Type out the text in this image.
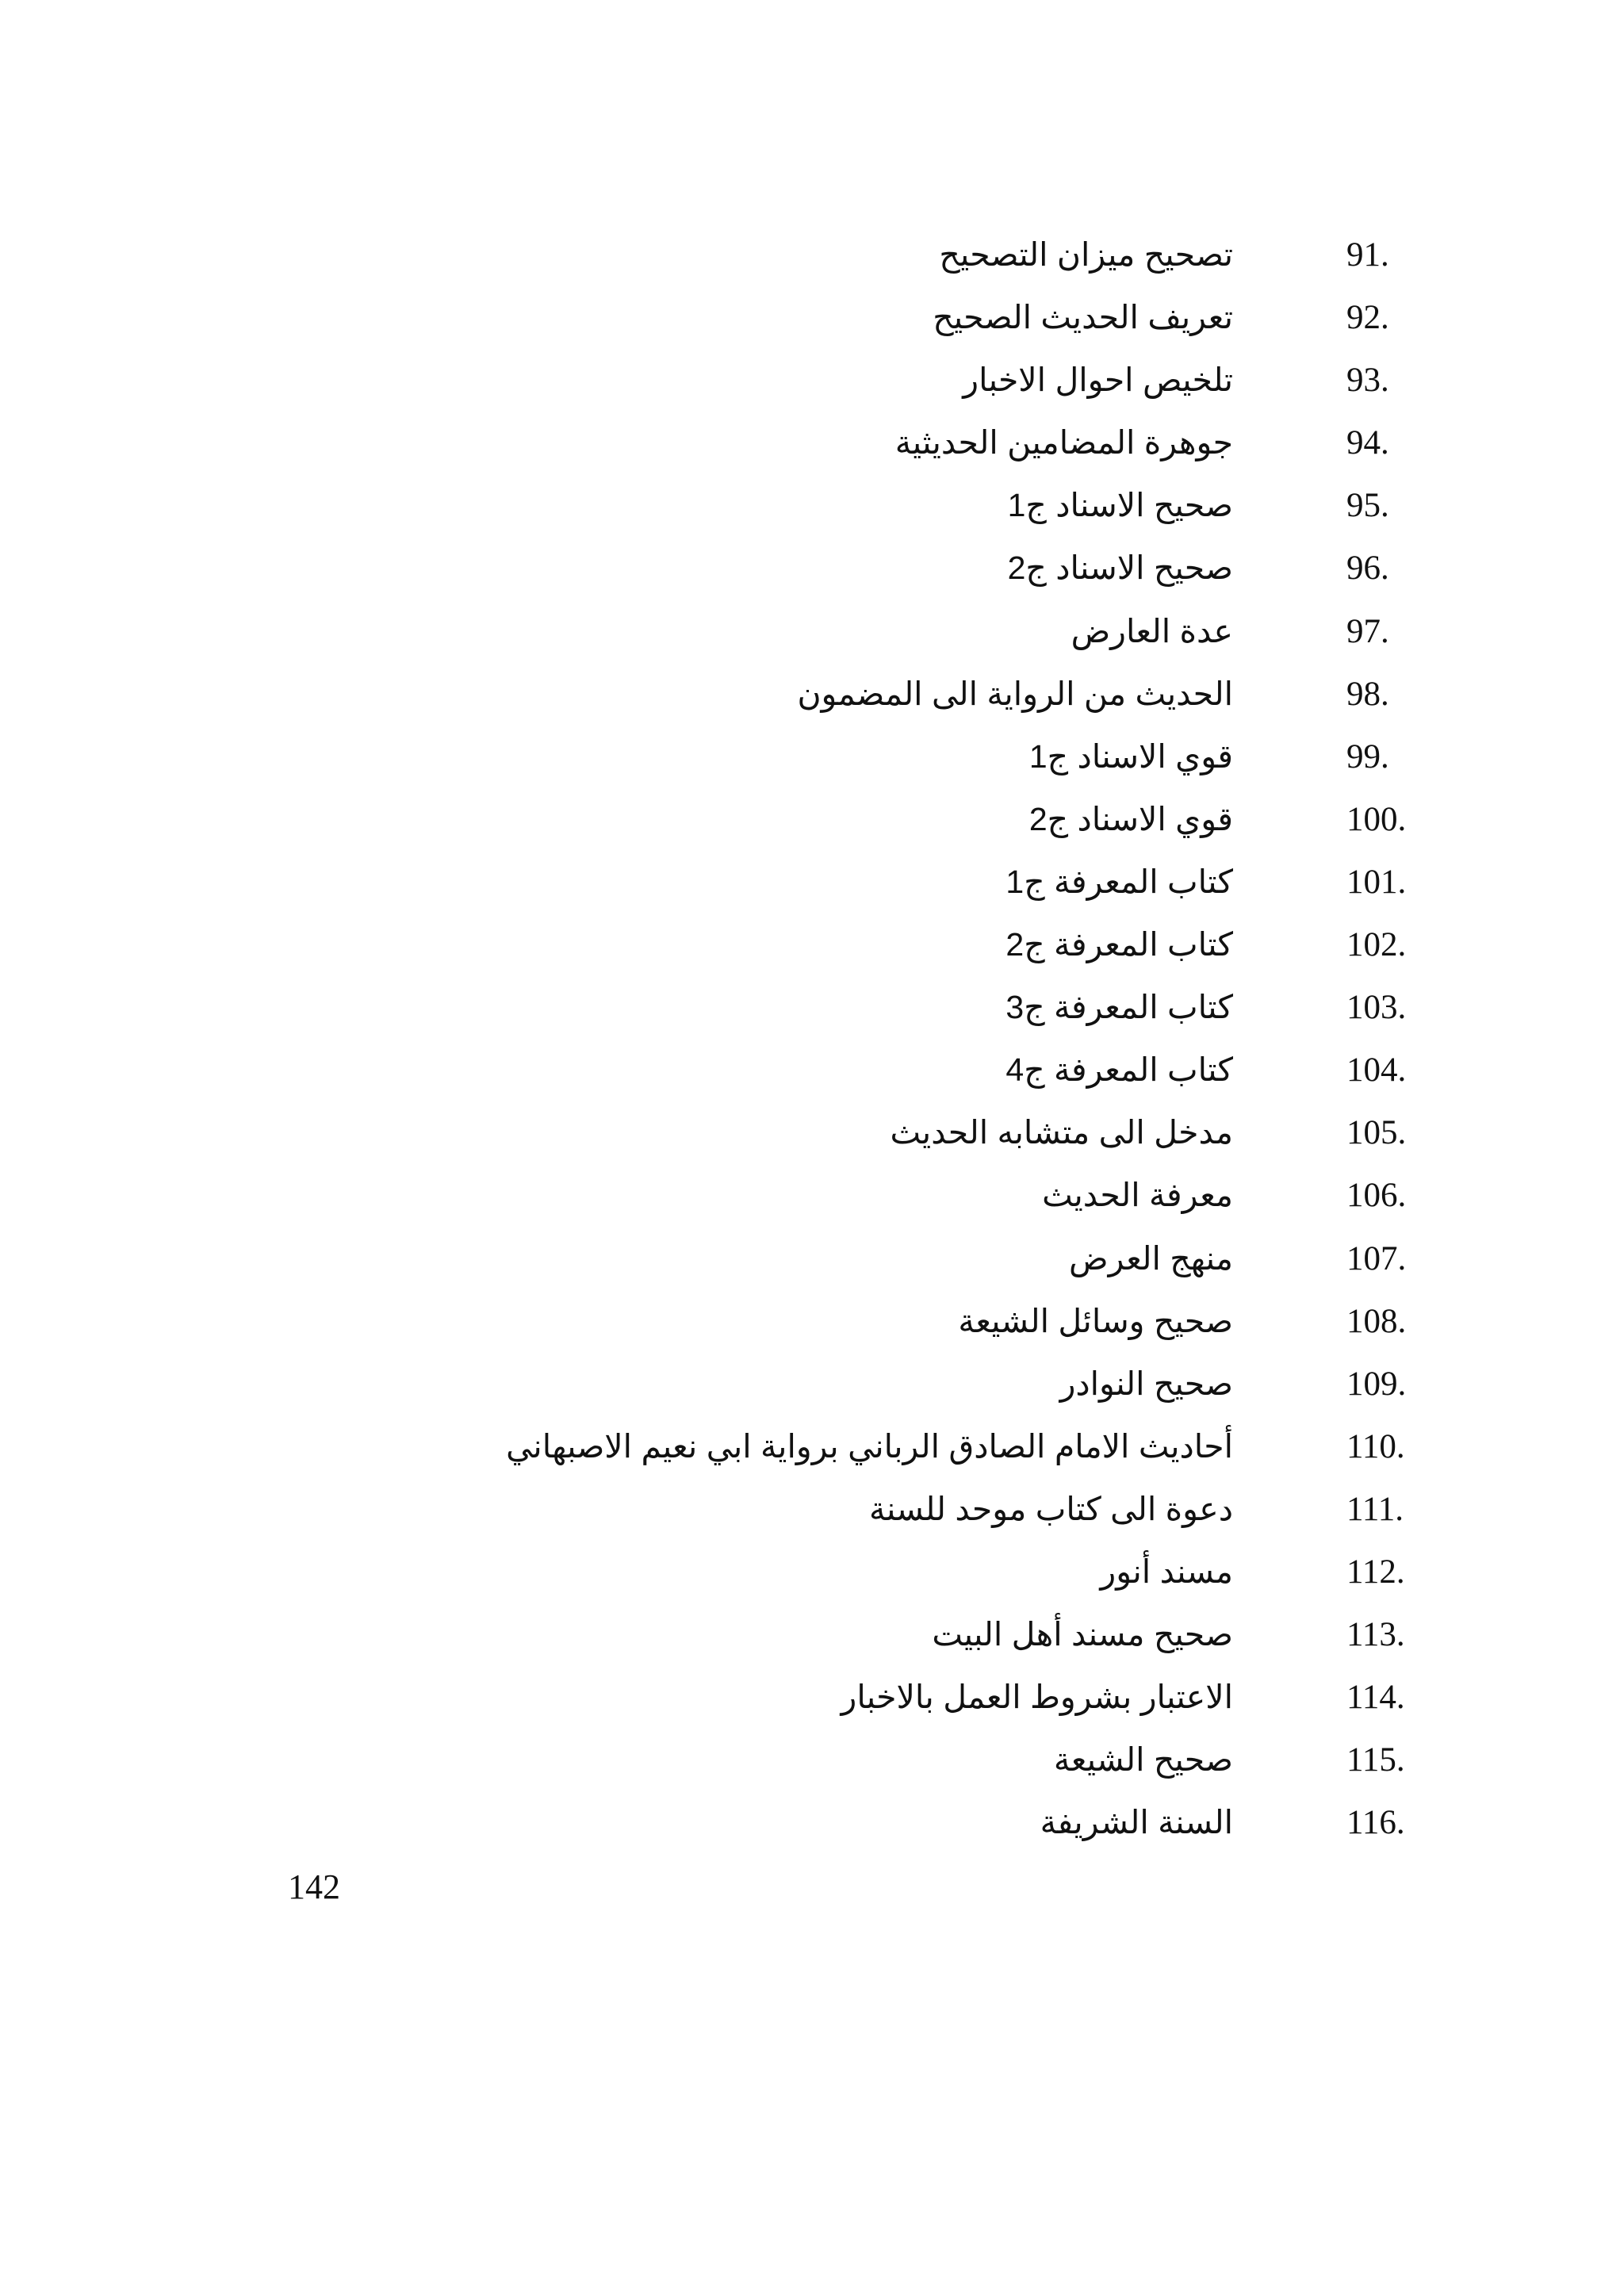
91.
تصحيح ميزان التصحيح
92.
تعريف الحديث الصحيح
93.
تلخيص احوال الاخبار
94.
جوهرة المضامين الحديثية
95.
صحيح الاسناد ج1
96.
صحيح الاسناد ج2
97.
عدة العارض
98.
الحديث من الرواية الى المضمون
99.
قوي الاسناد ج1
100.
قوي الاسناد ج2
101.
كتاب المعرفة ج1
102.
كتاب المعرفة ج2
103.
كتاب المعرفة ج3
104.
كتاب المعرفة ج4
105.
مدخل الى متشابه الحديث
106.
معرفة الحديث
107.
منهج العرض
108.
صحيح وسائل الشيعة
109.
صحيح النوادر
110.
أحاديث الامام الصادق الرباني برواية ابي نعيم الاصبهاني
111.
دعوة الى كتاب موحد للسنة
112.
مسند أنور
113.
صحيح مسند أهل البيت
114.
الاعتبار بشروط العمل بالاخبار
115.
صحيح الشيعة
116.
السنة الشريفة
142
